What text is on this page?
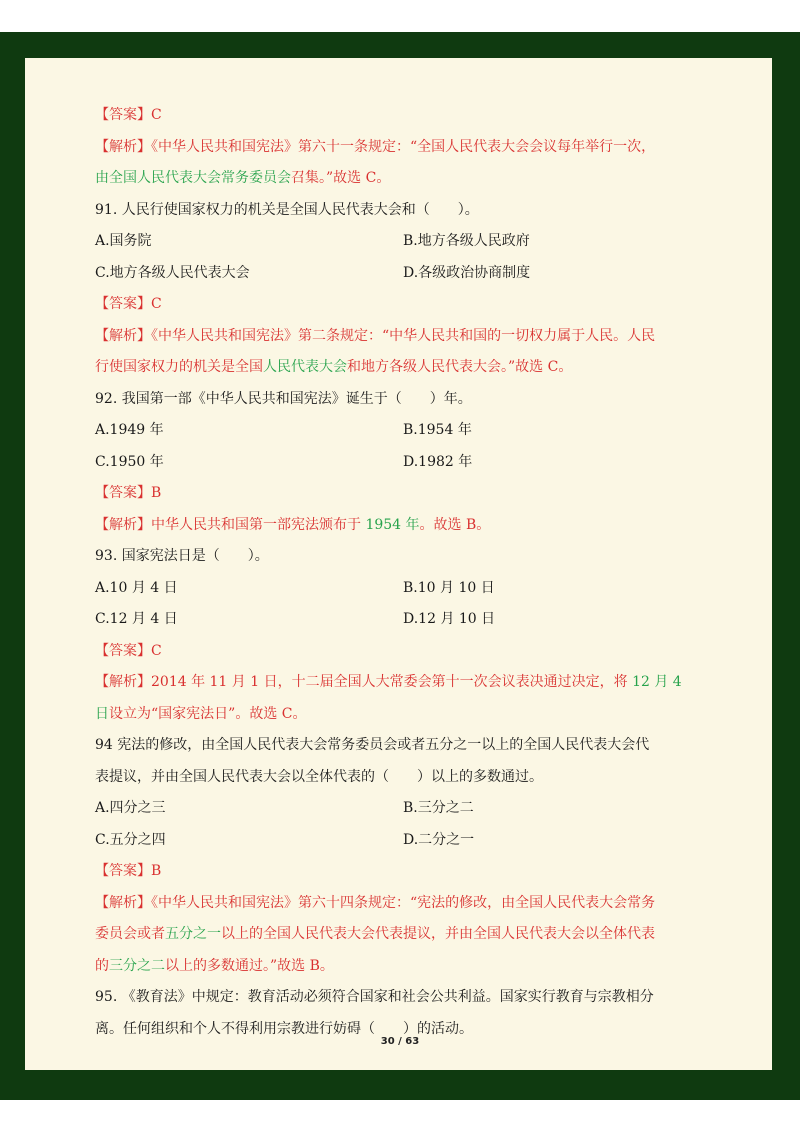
【答案】C
【解析】《中华人民共和国宪法》第六十一条规定：“全国人民代表大会会议每年举行一次，
由全国人民代表大会常务委员会召集。”故选 C。
91. 人民行使国家权力的机关是全国人民代表大会和（　　）。
A.国务院	B.地方各级人民政府
C.地方各级人民代表大会	D.各级政治协商制度
【答案】C
【解析】《中华人民共和国宪法》第二条规定：“中华人民共和国的一切权力属于人民。人民
行使国家权力的机关是全国人民代表大会和地方各级人民代表大会。”故选 C。
92. 我国第一部《中华人民共和国宪法》诞生于（　　）年。
A.1949 年	B.1954 年
C.1950 年	D.1982 年
【答案】B
【解析】中华人民共和国第一部宪法颁布于 1954 年。故选 B。
93. 国家宪法日是（　　）。
A.10 月 4 日	B.10 月 10 日
C.12 月 4 日	D.12 月 10 日
【答案】C
【解析】2014 年 11 月 1 日，十二届全国人大常委会第十一次会议表决通过决定，将 12 月 4
日设立为“国家宪法日”。故选 C。
94 宪法的修改，由全国人民代表大会常务委员会或者五分之一以上的全国人民代表大会代
表提议，并由全国人民代表大会以全体代表的（　　）以上的多数通过。
A.四分之三	B.三分之二
C.五分之四	D.二分之一
【答案】B
【解析】《中华人民共和国宪法》第六十四条规定：“宪法的修改，由全国人民代表大会常务
委员会或者五分之一以上的全国人民代表大会代表提议，并由全国人民代表大会以全体代表
的三分之二以上的多数通过。”故选 B。
95. 《教育法》中规定：教育活动必须符合国家和社会公共利益。国家实行教育与宗教相分
离。任何组织和个人不得利用宗教进行妨碍（　　）的活动。
30 / 63
